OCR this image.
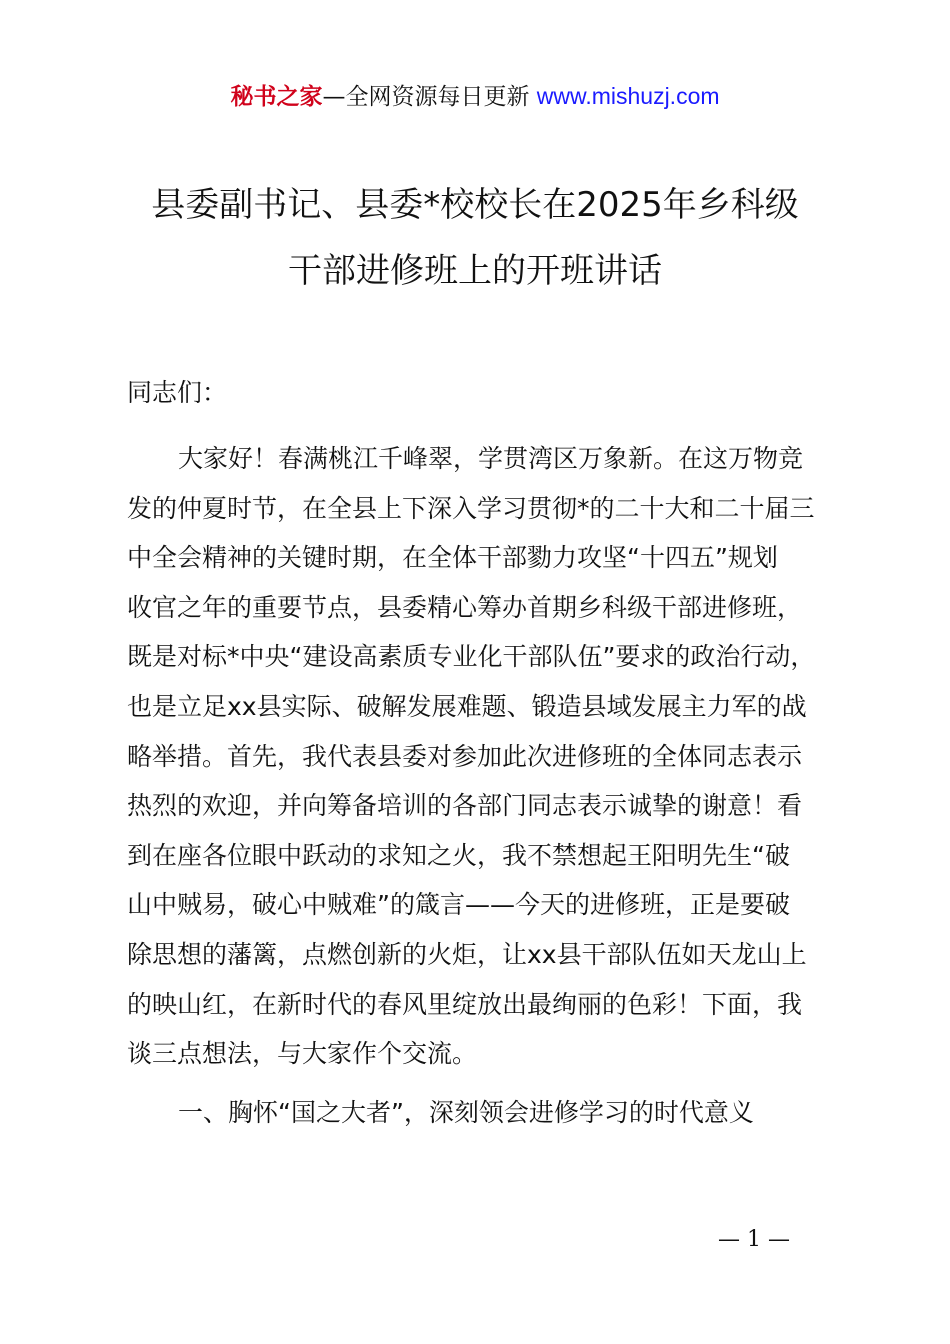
秘书之家—全网资源每日更新 www.mishuzj.com
县委副书记、县委*校校长在2025年乡科级
干部进修班上的开班讲话
同志们：
大家好！春满桃江千峰翠，学贯湾区万象新。在这万物竞
发的仲夏时节，在全县上下深入学习贯彻*的二十大和二十届三
中全会精神的关键时期，在全体干部勠力攻坚“十四五”规划
收官之年的重要节点，县委精心筹办首期乡科级干部进修班，
既是对标*中央“建设高素质专业化干部队伍”要求的政治行动，
也是立足xx县实际、破解发展难题、锻造县域发展主力军的战
略举措。首先，我代表县委对参加此次进修班的全体同志表示
热烈的欢迎，并向筹备培训的各部门同志表示诚挚的谢意！看
到在座各位眼中跃动的求知之火，我不禁想起王阳明先生“破
山中贼易，破心中贼难”的箴言——今天的进修班，正是要破
除思想的藩篱，点燃创新的火炬，让xx县干部队伍如天龙山上
的映山红，在新时代的春风里绽放出最绚丽的色彩！下面，我
谈三点想法，与大家作个交流。
一、胸怀“国之大者”，深刻领会进修学习的时代意义
— 1 —
